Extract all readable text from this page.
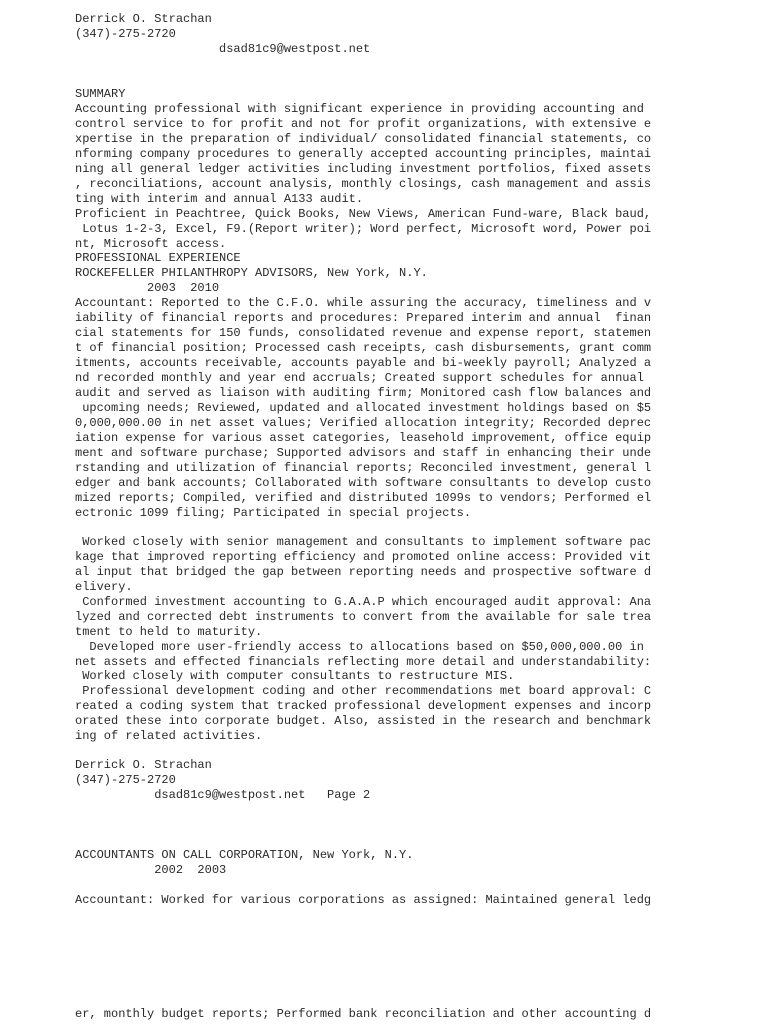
Derrick O. Strachan
(347)-275-2720
dsad81c9@westpost.net
SUMMARY
Accounting professional with significant experience in providing accounting and
control service to for profit and not for profit organizations, with extensive e
xpertise in the preparation of individual/ consolidated financial statements, co
nforming company procedures to generally accepted accounting principles, maintai
ning all general ledger activities including investment portfolios, fixed assets
, reconciliations, account analysis, monthly closings, cash management and assis
ting with interim and annual A133 audit.
Proficient in Peachtree, Quick Books, New Views, American Fund-ware, Black baud,
Lotus 1-2-3, Excel, F9.(Report writer); Word perfect, Microsoft word, Power poi
nt, Microsoft access.
PROFESSIONAL EXPERIENCE
ROCKEFELLER PHILANTHROPY ADVISORS, New York, N.Y.
2003  2010
Accountant: Reported to the C.F.O. while assuring the accuracy, timeliness and v
iability of financial reports and procedures: Prepared interim and annual  finan
cial statements for 150 funds, consolidated revenue and expense report, statemen
t of financial position; Processed cash receipts, cash disbursements, grant comm
itments, accounts receivable, accounts payable and bi-weekly payroll; Analyzed a
nd recorded monthly and year end accruals; Created support schedules for annual
audit and served as liaison with auditing firm; Monitored cash flow balances and
upcoming needs; Reviewed, updated and allocated investment holdings based on $5
0,000,000.00 in net asset values; Verified allocation integrity; Recorded deprec
iation expense for various asset categories, leasehold improvement, office equip
ment and software purchase; Supported advisors and staff in enhancing their unde
rstanding and utilization of financial reports; Reconciled investment, general l
edger and bank accounts; Collaborated with software consultants to develop custo
mized reports; Compiled, verified and distributed 1099s to vendors; Performed el
ectronic 1099 filing; Participated in special projects.
Worked closely with senior management and consultants to implement software pac
kage that improved reporting efficiency and promoted online access: Provided vit
al input that bridged the gap between reporting needs and prospective software d
elivery.
Conformed investment accounting to G.A.A.P which encouraged audit approval: Ana
lyzed and corrected debt instruments to convert from the available for sale trea
tment to held to maturity.
Developed more user-friendly access to allocations based on $50,000,000.00 in
net assets and effected financials reflecting more detail and understandability:
Worked closely with computer consultants to restructure MIS.
Professional development coding and other recommendations met board approval: C
reated a coding system that tracked professional development expenses and incorp
orated these into corporate budget. Also, assisted in the research and benchmark
ing of related activities.
Derrick O. Strachan
(347)-275-2720
dsad81c9@westpost.net   Page 2
ACCOUNTANTS ON CALL CORPORATION, New York, N.Y.
2002  2003
Accountant: Worked for various corporations as assigned: Maintained general ledg
er, monthly budget reports; Performed bank reconciliation and other accounting d
